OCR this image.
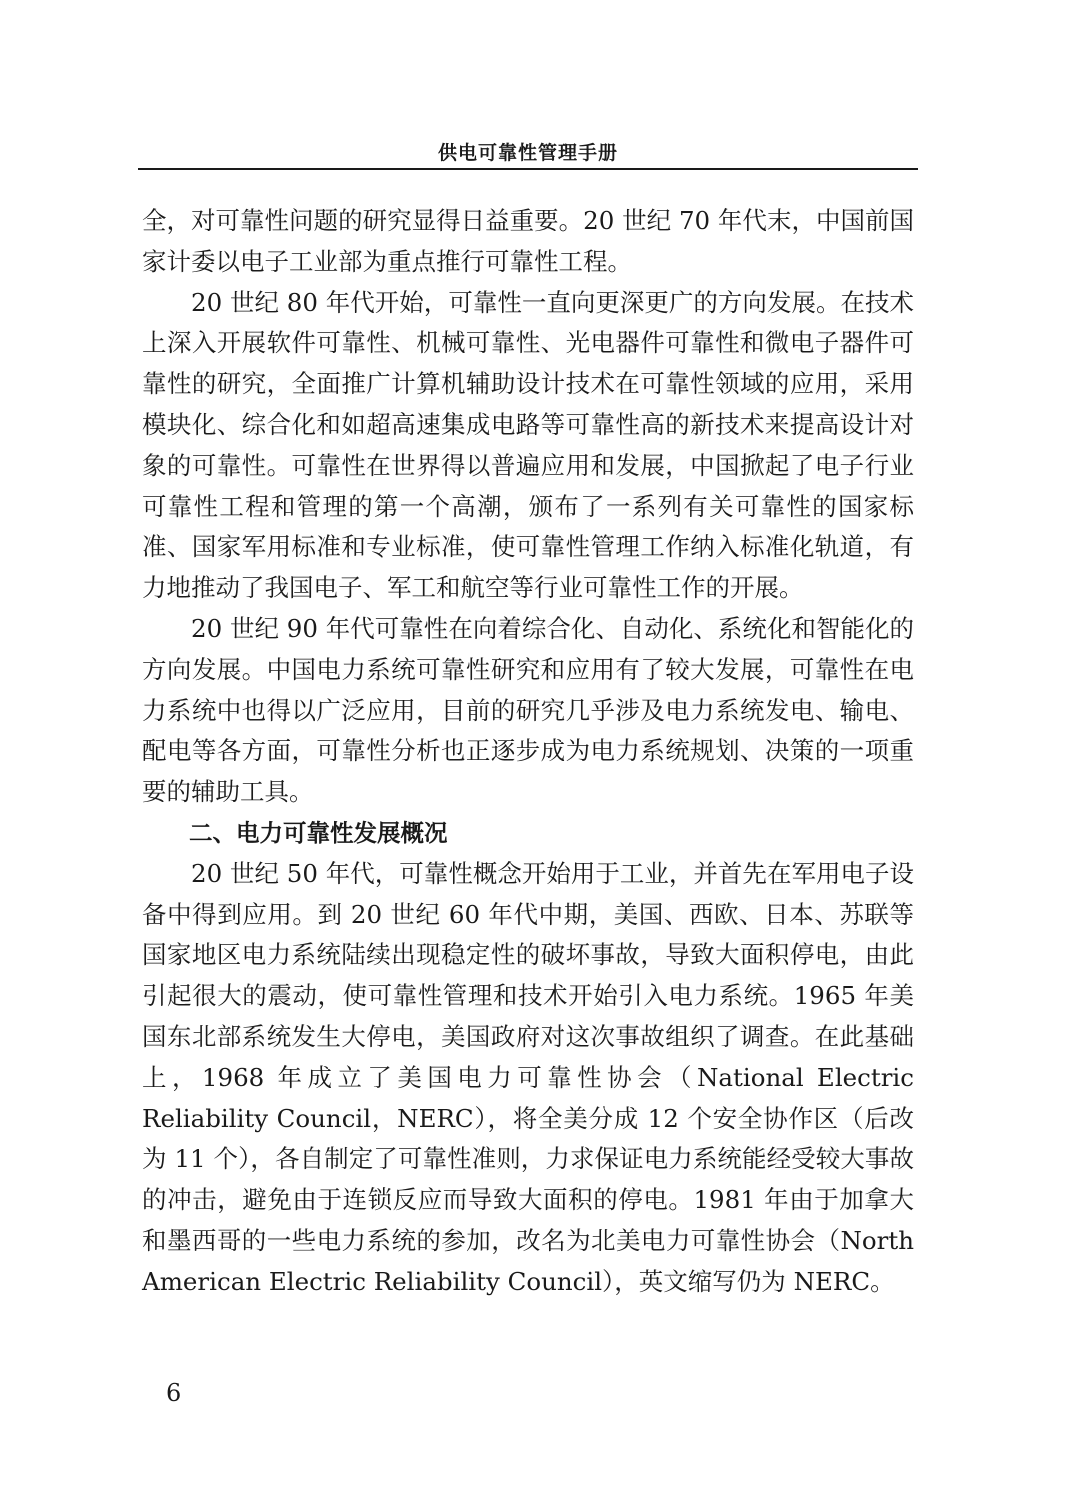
供电可靠性管理手册

全，对可靠性问题的研究显得日益重要。20 世纪 70 年代末，中国前国家计委以电子工业部为重点推行可靠性工程。

20 世纪 80 年代开始，可靠性一直向更深更广的方向发展。在技术上深入开展软件可靠性、机械可靠性、光电器件可靠性和微电子器件可靠性的研究，全面推广计算机辅助设计技术在可靠性领域的应用，采用模块化、综合化和如超高速集成电路等可靠性高的新技术来提高设计对象的可靠性。可靠性在世界得以普遍应用和发展，中国掀起了电子行业可靠性工程和管理的第一个高潮，颁布了一系列有关可靠性的国家标准、国家军用标准和专业标准，使可靠性管理工作纳入标准化轨道，有力地推动了我国电子、军工和航空等行业可靠性工作的开展。

20 世纪 90 年代可靠性在向着综合化、自动化、系统化和智能化的方向发展。中国电力系统可靠性研究和应用有了较大发展，可靠性在电力系统中也得以广泛应用，目前的研究几乎涉及电力系统发电、输电、配电等各方面，可靠性分析也正逐步成为电力系统规划、决策的一项重要的辅助工具。

二、电力可靠性发展概况

20 世纪 50 年代，可靠性概念开始用于工业，并首先在军用电子设备中得到应用。到 20 世纪 60 年代中期，美国、西欧、日本、苏联等国家地区电力系统陆续出现稳定性的破坏事故，导致大面积停电，由此引起很大的震动，使可靠性管理和技术开始引入电力系统。1965 年美国东北部系统发生大停电，美国政府对这次事故组织了调查。在此基础上，1968 年成立了美国电力可靠性协会（National Electric Reliability Council，NERC），将全美分成 12 个安全协作区（后改为 11 个），各自制定了可靠性准则，力求保证电力系统能经受较大事故的冲击，避免由于连锁反应而导致大面积的停电。1981 年由于加拿大和墨西哥的一些电力系统的参加，改名为北美电力可靠性协会（North American Electric Reliability Council），英文缩写仍为 NERC。

6
